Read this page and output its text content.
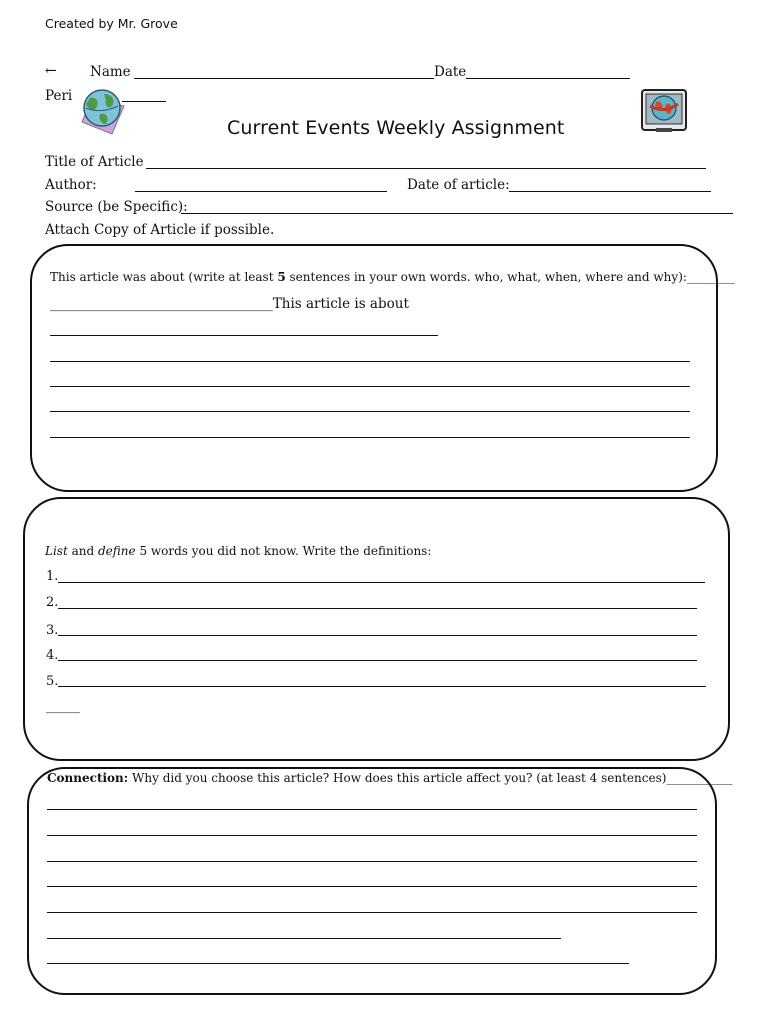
Created by Mr. Grove
← Name	Date
Peri
Current Events Weekly Assignment
Title of Article
Author:	Date of article:
Source (be Specific):
Attach Copy of Article if possible.
This article was about (write at least 5 sentences in your own words. who, what, when, where and why):________
_________________________________This article is about
List and define 5 words you did not know. Write the definitions:
1.
2.
3.
4.
5.
_____
Connection: Why did you choose this article? How does this article affect you? (at least 4 sentences)___________
